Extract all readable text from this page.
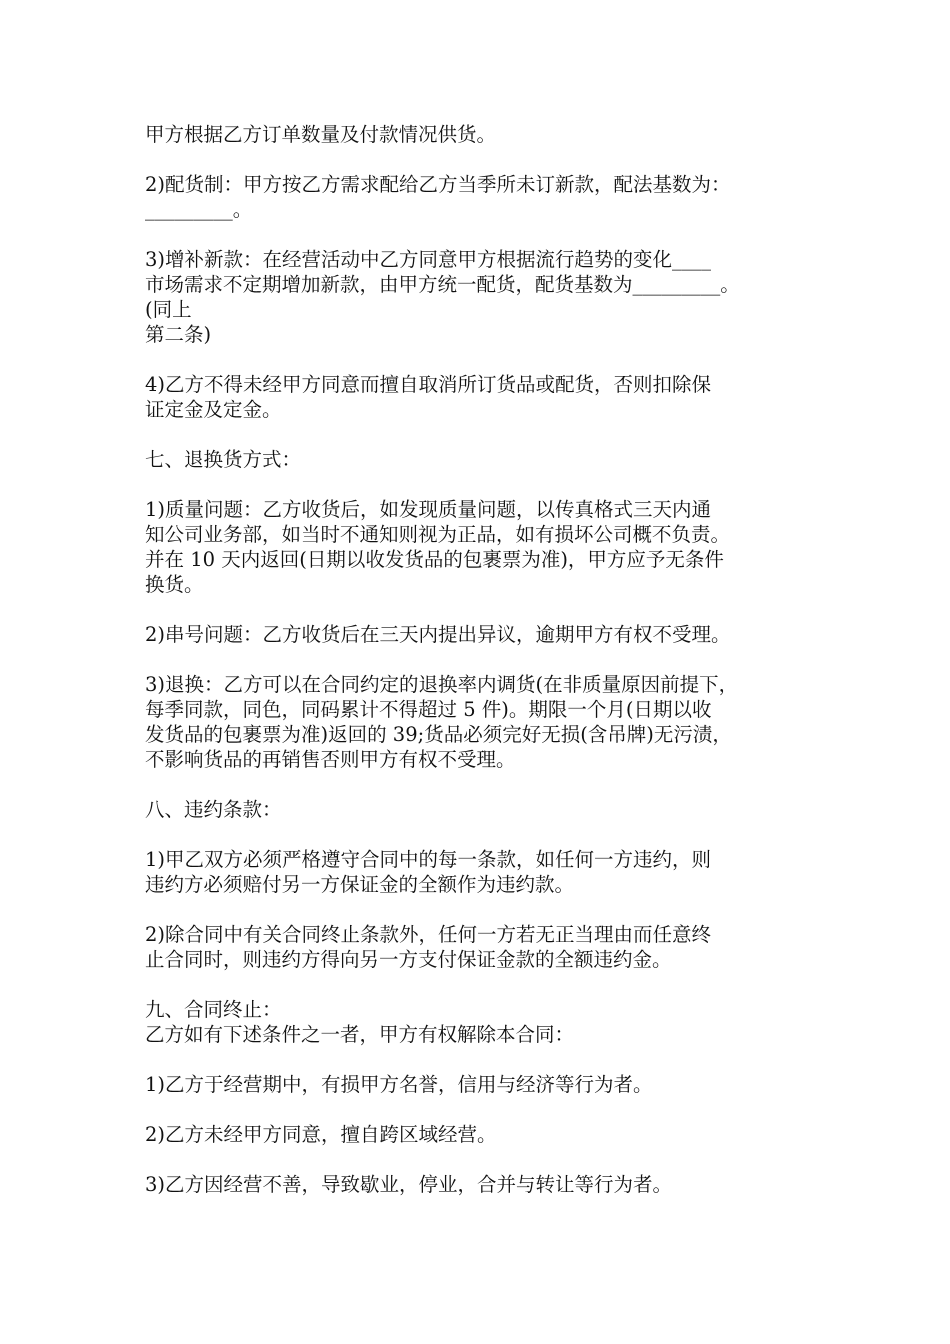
甲方根据乙方订单数量及付款情况供货。
2)配货制：甲方按乙方需求配给乙方当季所未订新款，配法基数为：
_________。
3)增补新款：在经营活动中乙方同意甲方根据流行趋势的变化____
市场需求不定期增加新款，由甲方统一配货，配货基数为_________。
(同上
第二条)
4)乙方不得未经甲方同意而擅自取消所订货品或配货，否则扣除保
证定金及定金。
七、退换货方式：
1)质量问题：乙方收货后，如发现质量问题，以传真格式三天内通
知公司业务部，如当时不通知则视为正品，如有损坏公司概不负责。
并在 10 天内返回(日期以收发货品的包裹票为准)，甲方应予无条件
换货。
2)串号问题：乙方收货后在三天内提出异议，逾期甲方有权不受理。
3)退换：乙方可以在合同约定的退换率内调货(在非质量原因前提下，
每季同款，同色，同码累计不得超过 5 件)。期限一个月(日期以收
发货品的包裹票为准)返回的 39;货品必须完好无损(含吊牌)无污渍，
不影响货品的再销售否则甲方有权不受理。
八、违约条款：
1)甲乙双方必须严格遵守合同中的每一条款，如任何一方违约，则
违约方必须赔付另一方保证金的全额作为违约款。
2)除合同中有关合同终止条款外，任何一方若无正当理由而任意终
止合同时，则违约方得向另一方支付保证金款的全额违约金。
九、合同终止：
乙方如有下述条件之一者，甲方有权解除本合同：
1)乙方于经营期中，有损甲方名誉，信用与经济等行为者。
2)乙方未经甲方同意，擅自跨区域经营。
3)乙方因经营不善，导致歇业，停业，合并与转让等行为者。
